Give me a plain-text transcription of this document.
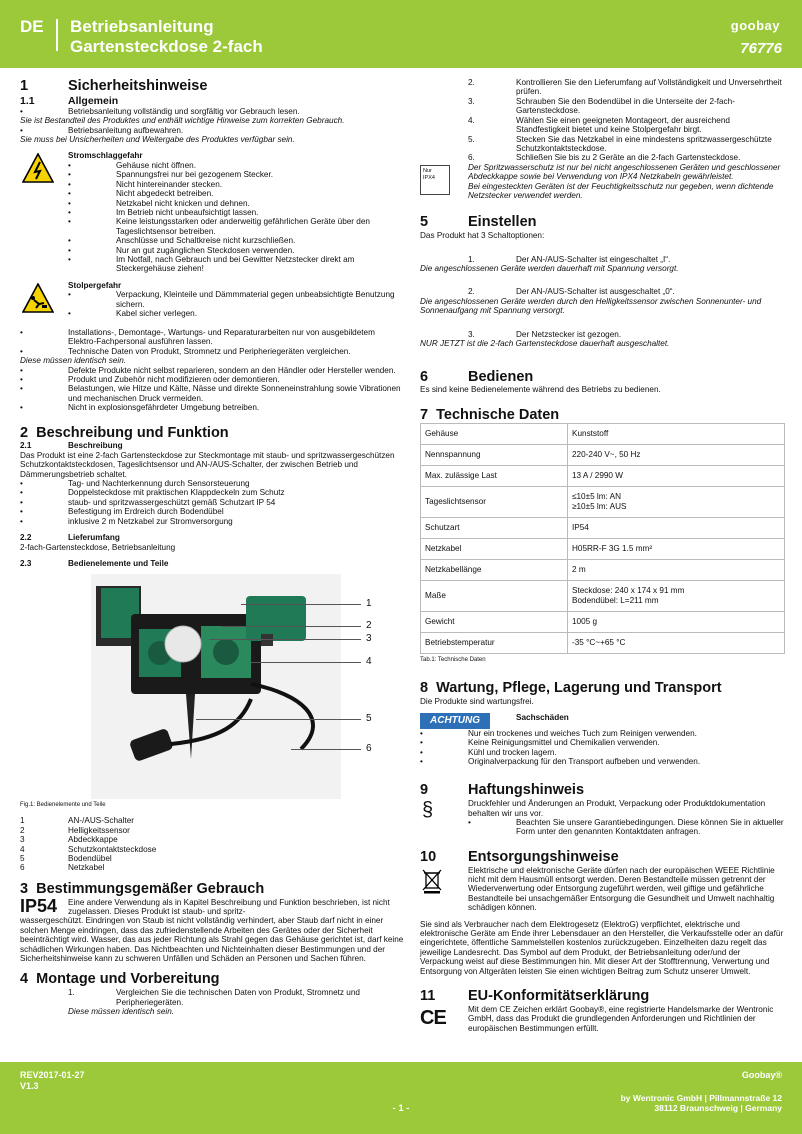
DE Betriebsanleitung
Gartensteckdose 2-fach
goobay
76776
1	Sicherheitshinweise
1.1	Allgemein
• Betriebsanleitung vollständig und sorgfältig vor Gebrauch lesen.
Sie ist Bestandteil des Produktes und enthält wichtige Hinweise zum korrekten Gebrauch.
• Betriebsanleitung aufbewahren.
Sie muss bei Unsicherheiten und Weitergabe des Produktes verfügbar sein.
Stromschlaggefahr
• Gehäuse nicht öffnen.
• Spannungsfrei nur bei gezogenem Stecker.
• Nicht hintereinander stecken.
• Nicht abgedeckt betreiben.
• Netzkabel nicht knicken und dehnen.
• Im Betrieb nicht unbeaufsichtigt lassen.
• Keine leistungsstarken oder anderweitig gefährlichen Geräte über den Tageslichtsensor betreiben.
• Anschlüsse und Schaltkreise nicht kurzschließen.
• Nur an gut zugänglichen Steckdosen verwenden.
• Im Notfall, nach Gebrauch und bei Gewitter Netzstecker direkt am Steckergehäuse ziehen!
Stolpergefahr
• Verpackung, Kleinteile und Dämmmaterial gegen unbeabsichtigte Benutzung sichern.
• Kabel sicher verlegen.
• Installations-, Demontage-, Wartungs- und Reparaturarbeiten nur von ausgebildetem Elektro-Fachpersonal ausführen lassen.
• Technische Daten von Produkt, Stromnetz und Peripheriegeräten vergleichen.
Diese müssen identisch sein.
• Defekte Produkte nicht selbst reparieren, sondern an den Händler oder Hersteller wenden.
• Produkt und Zubehör nicht modifizieren oder demontieren.
• Belastungen, wie Hitze und Kälte, Nässe und direkte Sonneneinstrahlung sowie Vibrationen und mechanischen Druck vermeiden.
• Nicht in explosionsgefährdeter Umgebung betreiben.
2 Beschreibung und Funktion
2.1	Beschreibung
Das Produkt ist eine 2-fach Gartensteckdose zur Steckmontage mit staub- und spritzwassergeschützen Schutzkontaktsteckdosen, Tageslichtsensor und AN-/AUS-Schalter, der zwischen Betrieb und Dämmerungsbetrieb schaltet.
• Tag- und Nachterkennung durch Sensorsteuerung
• Doppelsteckdose mit praktischen Klappdeckeln zum Schutz
• staub- und spritzwassergeschützt gemäß Schutzart IP 54
• Befestigung im Erdreich durch Bodendübel
• inklusive 2 m Netzkabel zur Stromversorgung
2.2	Lieferumfang
2-fach-Gartensteckdose, Betriebsanleitung
2.3	Bedienelemente und Teile
1
2
3
4
5
6
Fig.1: Bedienelemente und Teile
1	AN-/AUS-Schalter
2	Helligkeitssensor
3	Abdeckkappe
4	Schutzkontaktsteckdose
5	Bodendübel
6	Netzkabel
3 Bestimmungsgemäßer Gebrauch
IP54 Eine andere Verwendung als in Kapitel Beschreibung und Funktion beschrieben, ist nicht zugelassen. Dieses Produkt ist staub- und spritz-
wassergeschützt. Eindringen von Staub ist nicht vollständig verhindert, aber Staub darf nicht in einer solchen Menge eindringen, dass das zufriedenstellende Arbeiten des Gerätes oder der Sicherheit beeinträchtigt wird. Wasser, das aus jeder Richtung als Strahl gegen das Gehäuse gerichtet ist, darf keine schädlichen Wirkungen haben. Das Nichtbeachten und Nichteinhalten dieser Bestimmungen und der Sicherheitshinweise kann zu schweren Unfällen und Schäden an Personen und Sachen führen.
4 Montage und Vorbereitung
1.	Vergleichen Sie die technischen Daten von Produkt, Stromnetz und Peripheriegeräten.
Diese müssen identisch sein.
2.	Kontrollieren Sie den Lieferumfang auf Vollständigkeit und Unversehrtheit prüfen.
3.	Schrauben Sie den Bodendübel in die Unterseite der 2-fach-Gartensteckdose.
4.	Wählen Sie einen geeigneten Montageort, der ausreichend Standfestigkeit bietet und keine Stolpergefahr birgt.
5.	Stecken Sie das Netzkabel in eine mindestens spritzwassergeschützte Schutzkontaktsteckdose.
6.	Schließen Sie bis zu 2 Geräte an die 2-fach Gartensteckdose.
Nur
IPX4
Der Spritzwasserschutz ist nur bei nicht angeschlossenen Geräten und geschlossener Abdeckkappe sowie bei Verwendung von IPX4 Netzkabeln gewährleistet.
Bei eingesteckten Geräten ist der Feuchtigkeitsschutz nur gegeben, wenn dichtende Netzstecker verwendet werden.
5	Einstellen
Das Produkt hat 3 Schaltoptionen:
1.	Der AN-/AUS-Schalter ist eingeschaltet „I“.
Die angeschlossenen Geräte werden dauerhaft mit Spannung versorgt.
2.	Der AN-/AUS-Schalter ist ausgeschaltet „0“.
Die angeschlossenen Geräte werden durch den Helligkeitssensor zwischen Sonnenunter- und Sonnenaufgang mit Spannung versorgt.
3.	Der Netzstecker ist gezogen.
NUR JETZT ist die 2-fach Gartensteckdose dauerhaft ausgeschaltet.
6	Bedienen
Es sind keine Bedienelemente während des Betriebs zu bedienen.
7 Technische Daten
Gehäuse	Kunststoff

Nennspannung	220-240 V~, 50 Hz

Max. zulässige Last	13 A / 2990 W

Tageslichtsensor	≤10±5 lm: AN
≥10±5 lm: AUS

Schutzart	IP54

Netzkabel	H05RR-F 3G 1.5 mm²

Netzkabellänge	2 m

Maße	Steckdose: 240 x 174 x 91 mm
Bodendübel: L=211 mm

Gewicht	1005 g

Betriebstemperatur	-35 °C~+65 °C
Tab.1: Technische Daten
8 Wartung, Pflege, Lagerung und Transport
Die Produkte sind wartungsfrei.
ACHTUNG	Sachschäden
• Nur ein trockenes und weiches Tuch zum Reinigen verwenden.
• Keine Reinigungsmittel und Chemikalien verwenden.
• Kühl und trocken lagern.
• Originalverpackung für den Transport aufbeben und verwenden.
9	Haftungshinweis
§	Druckfehler und Änderungen an Produkt, Verpackung oder Produktdokumentation behalten wir uns vor.
• Beachten Sie unsere Garantiebedingungen. Diese können Sie in aktueller Form unter den genannten Kontaktdaten anfragen.
10 Entsorgungshinweise
Elektrische und elektronische Geräte dürfen nach der europäischen WEEE Richtlinie nicht mit dem Hausmüll entsorgt werden. Deren Bestandteile müssen getrennt der Wiederverwertung oder Entsorgung zugeführt werden, weil giftige und gefährliche Bestandteile bei unsachgemäßer Entsorgung die Gesundheit und Umwelt nachhaltig schädigen können.
Sie sind als Verbraucher nach dem Elektrogesetz (ElektroG) verpflichtet, elektrische und elektronische Geräte am Ende ihrer Lebensdauer an den Hersteller, die Verkaufsstelle oder an dafür eingerichtete, öffentliche Sammelstellen kostenlos zurückzugeben. Einzelheiten dazu regelt das jeweilige Landesrecht. Das Symbol auf dem Produkt, der Betriebsanleitung oder/und der Verpackung weist auf diese Bestimmungen hin. Mit dieser Art der Stofftrennung, Verwertung und Entsorgung von Altgeräten leisten Sie einen wichtigen Beitrag zum Schutz unserer Umwelt.
11 EU-Konformitätserklärung
CE	Mit dem CE Zeichen erklärt Goobay®, eine registrierte Handelsmarke der Wentronic GmbH, dass das Produkt die grundlegenden Anforderungen und Richtlinien der europäischen Bestimmungen erfüllt.
REV2017-01-27
V1.3
Goobay®
- 1 -
by Wentronic GmbH | Pillmannstraße 12
38112 Braunschweig | Germany
